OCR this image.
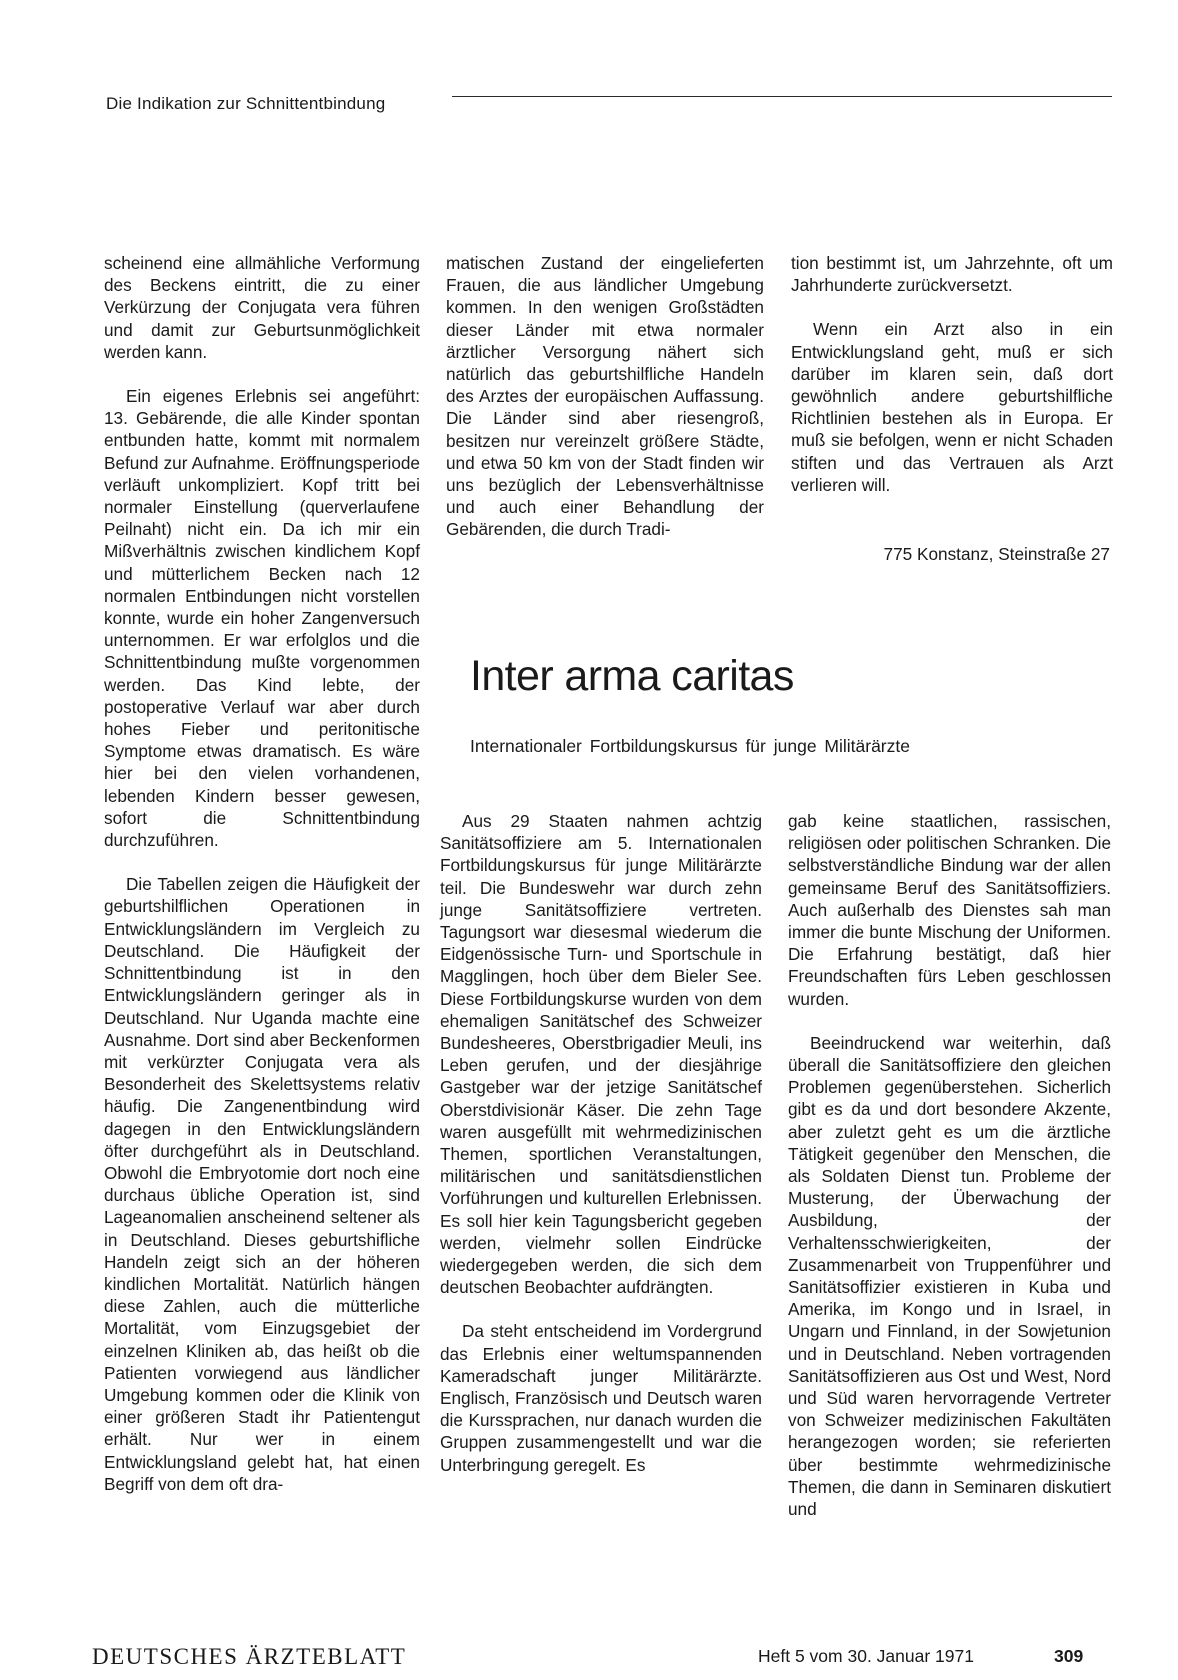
Die Indikation zur Schnittentbindung

scheinend eine allmähliche Verformung des Beckens eintritt, die zu einer Verkürzung der Conjugata vera führen und damit zur Geburtsunmöglichkeit werden kann.

Ein eigenes Erlebnis sei angeführt: 13. Gebärende, die alle Kinder spontan entbunden hatte, kommt mit normalem Befund zur Aufnahme. Eröffnungsperiode verläuft unkompliziert. Kopf tritt bei normaler Einstellung (querverlaufene Peilnaht) nicht ein. Da ich mir ein Mißverhältnis zwischen kindlichem Kopf und mütterlichem Becken nach 12 normalen Entbindungen nicht vorstellen konnte, wurde ein hoher Zangenversuch unternommen. Er war erfolglos und die Schnittentbindung mußte vorgenommen werden. Das Kind lebte, der postoperative Verlauf war aber durch hohes Fieber und peritonitische Symptome etwas dramatisch. Es wäre hier bei den vielen vorhandenen, lebenden Kindern besser gewesen, sofort die Schnittentbindung durchzuführen.

Die Tabellen zeigen die Häufigkeit der geburtshilflichen Operationen in Entwicklungsländern im Vergleich zu Deutschland. Die Häufigkeit der Schnittentbindung ist in den Entwicklungsländern geringer als in Deutschland. Nur Uganda machte eine Ausnahme. Dort sind aber Beckenformen mit verkürzter Conjugata vera als Besonderheit des Skelettsystems relativ häufig. Die Zangenentbindung wird dagegen in den Entwicklungsländern öfter durchgeführt als in Deutschland. Obwohl die Embryotomie dort noch eine durchaus übliche Operation ist, sind Lageanomalien anscheinend seltener als in Deutschland. Dieses geburtshifliche Handeln zeigt sich an der höheren kindlichen Mortalität. Natürlich hängen diese Zahlen, auch die mütterliche Mortalität, vom Einzugsgebiet der einzelnen Kliniken ab, das heißt ob die Patienten vorwiegend aus ländlicher Umgebung kommen oder die Klinik von einer größeren Stadt ihr Patientengut erhält. Nur wer in einem Entwicklungsland gelebt hat, hat einen Begriff von dem oft dra-

matischen Zustand der eingelieferten Frauen, die aus ländlicher Umgebung kommen. In den wenigen Großstädten dieser Länder mit etwa normaler ärztlicher Versorgung nähert sich natürlich das geburtshilfliche Handeln des Arztes der europäischen Auffassung. Die Länder sind aber riesengroß, besitzen nur vereinzelt größere Städte, und etwa 50 km von der Stadt finden wir uns bezüglich der Lebensverhältnisse und auch einer Behandlung der Gebärenden, die durch Tradi-

tion bestimmt ist, um Jahrzehnte, oft um Jahrhunderte zurückversetzt.

Wenn ein Arzt also in ein Entwicklungsland geht, muß er sich darüber im klaren sein, daß dort gewöhnlich andere geburtshilfliche Richtlinien bestehen als in Europa. Er muß sie befolgen, wenn er nicht Schaden stiften und das Vertrauen als Arzt verlieren will.

775 Konstanz, Steinstraße 27
Inter arma caritas
Internationaler Fortbildungskursus für junge Militärärzte

Aus 29 Staaten nahmen achtzig Sanitätsoffiziere am 5. Internationalen Fortbildungskursus für junge Militärärzte teil. Die Bundeswehr war durch zehn junge Sanitätsoffiziere vertreten. Tagungsort war diesesmal wiederum die Eidgenössische Turn- und Sportschule in Magglingen, hoch über dem Bieler See. Diese Fortbildungskurse wurden von dem ehemaligen Sanitätschef des Schweizer Bundesheeres, Oberstbrigadier Meuli, ins Leben gerufen, und der diesjährige Gastgeber war der jetzige Sanitätschef Oberstdivisionär Käser. Die zehn Tage waren ausgefüllt mit wehrmedizinischen Themen, sportlichen Veranstaltungen, militärischen und sanitätsdienstlichen Vorführungen und kulturellen Erlebnissen. Es soll hier kein Tagungsbericht gegeben werden, vielmehr sollen Eindrücke wiedergegeben werden, die sich dem deutschen Beobachter aufdrängten.

Da steht entscheidend im Vordergrund das Erlebnis einer weltumspannenden Kameradschaft junger Militärärzte. Englisch, Französisch und Deutsch waren die Kurssprachen, nur danach wurden die Gruppen zusammengestellt und war die Unterbringung geregelt. Es

gab keine staatlichen, rassischen, religiösen oder politischen Schranken. Die selbstverständliche Bindung war der allen gemeinsame Beruf des Sanitätsoffiziers. Auch außerhalb des Dienstes sah man immer die bunte Mischung der Uniformen. Die Erfahrung bestätigt, daß hier Freundschaften fürs Leben geschlossen wurden.

Beeindruckend war weiterhin, daß überall die Sanitätsoffiziere den gleichen Problemen gegenüberstehen. Sicherlich gibt es da und dort besondere Akzente, aber zuletzt geht es um die ärztliche Tätigkeit gegenüber den Menschen, die als Soldaten Dienst tun. Probleme der Musterung, der Überwachung der Ausbildung, der Verhaltensschwierigkeiten, der Zusammenarbeit von Truppenführer und Sanitätsoffizier existieren in Kuba und Amerika, im Kongo und in Israel, in Ungarn und Finnland, in der Sowjetunion und in Deutschland. Neben vortragenden Sanitätsoffizieren aus Ost und West, Nord und Süd waren hervorragende Vertreter von Schweizer medizinischen Fakultäten herangezogen worden; sie referierten über bestimmte wehrmedizinische Themen, die dann in Seminaren diskutiert und

DEUTSCHES ÄRZTEBLATT	Heft 5 vom 30. Januar 1971	309
